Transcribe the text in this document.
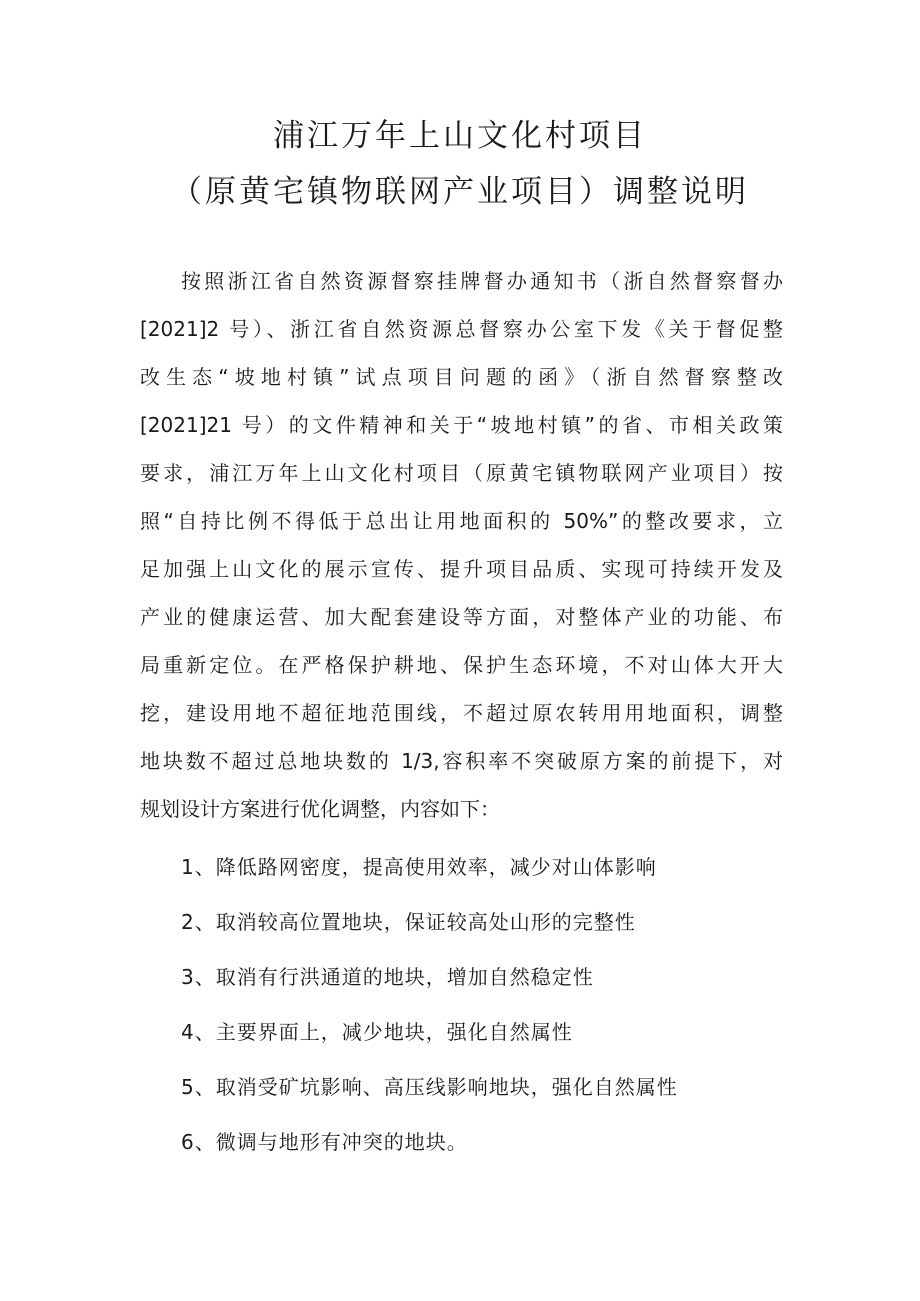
浦江万年上山文化村项目
（原黄宅镇物联网产业项目）调整说明

按照浙江省自然资源督察挂牌督办通知书（浙自然督察督办

[2021]2 号）、浙江省自然资源总督察办公室下发《关于督促整

改生态“坡地村镇”试点项目问题的函》（浙自然督察整改

[2021]21 号）的文件精神和关于“坡地村镇”的省、市相关政策

要求，浦江万年上山文化村项目（原黄宅镇物联网产业项目）按

照“自持比例不得低于总出让用地面积的 50%”的整改要求，立

足加强上山文化的展示宣传、提升项目品质、实现可持续开发及

产业的健康运营、加大配套建设等方面，对整体产业的功能、布

局重新定位。在严格保护耕地、保护生态环境，不对山体大开大

挖，建设用地不超征地范围线，不超过原农转用用地面积，调整

地块数不超过总地块数的 1/3,容积率不突破原方案的前提下，对

规划设计方案进行优化调整，内容如下：

1、降低路网密度，提高使用效率，减少对山体影响

2、取消较高位置地块，保证较高处山形的完整性

3、取消有行洪通道的地块，增加自然稳定性

4、主要界面上，减少地块，强化自然属性

5、取消受矿坑影响、高压线影响地块，强化自然属性

6、微调与地形有冲突的地块。
